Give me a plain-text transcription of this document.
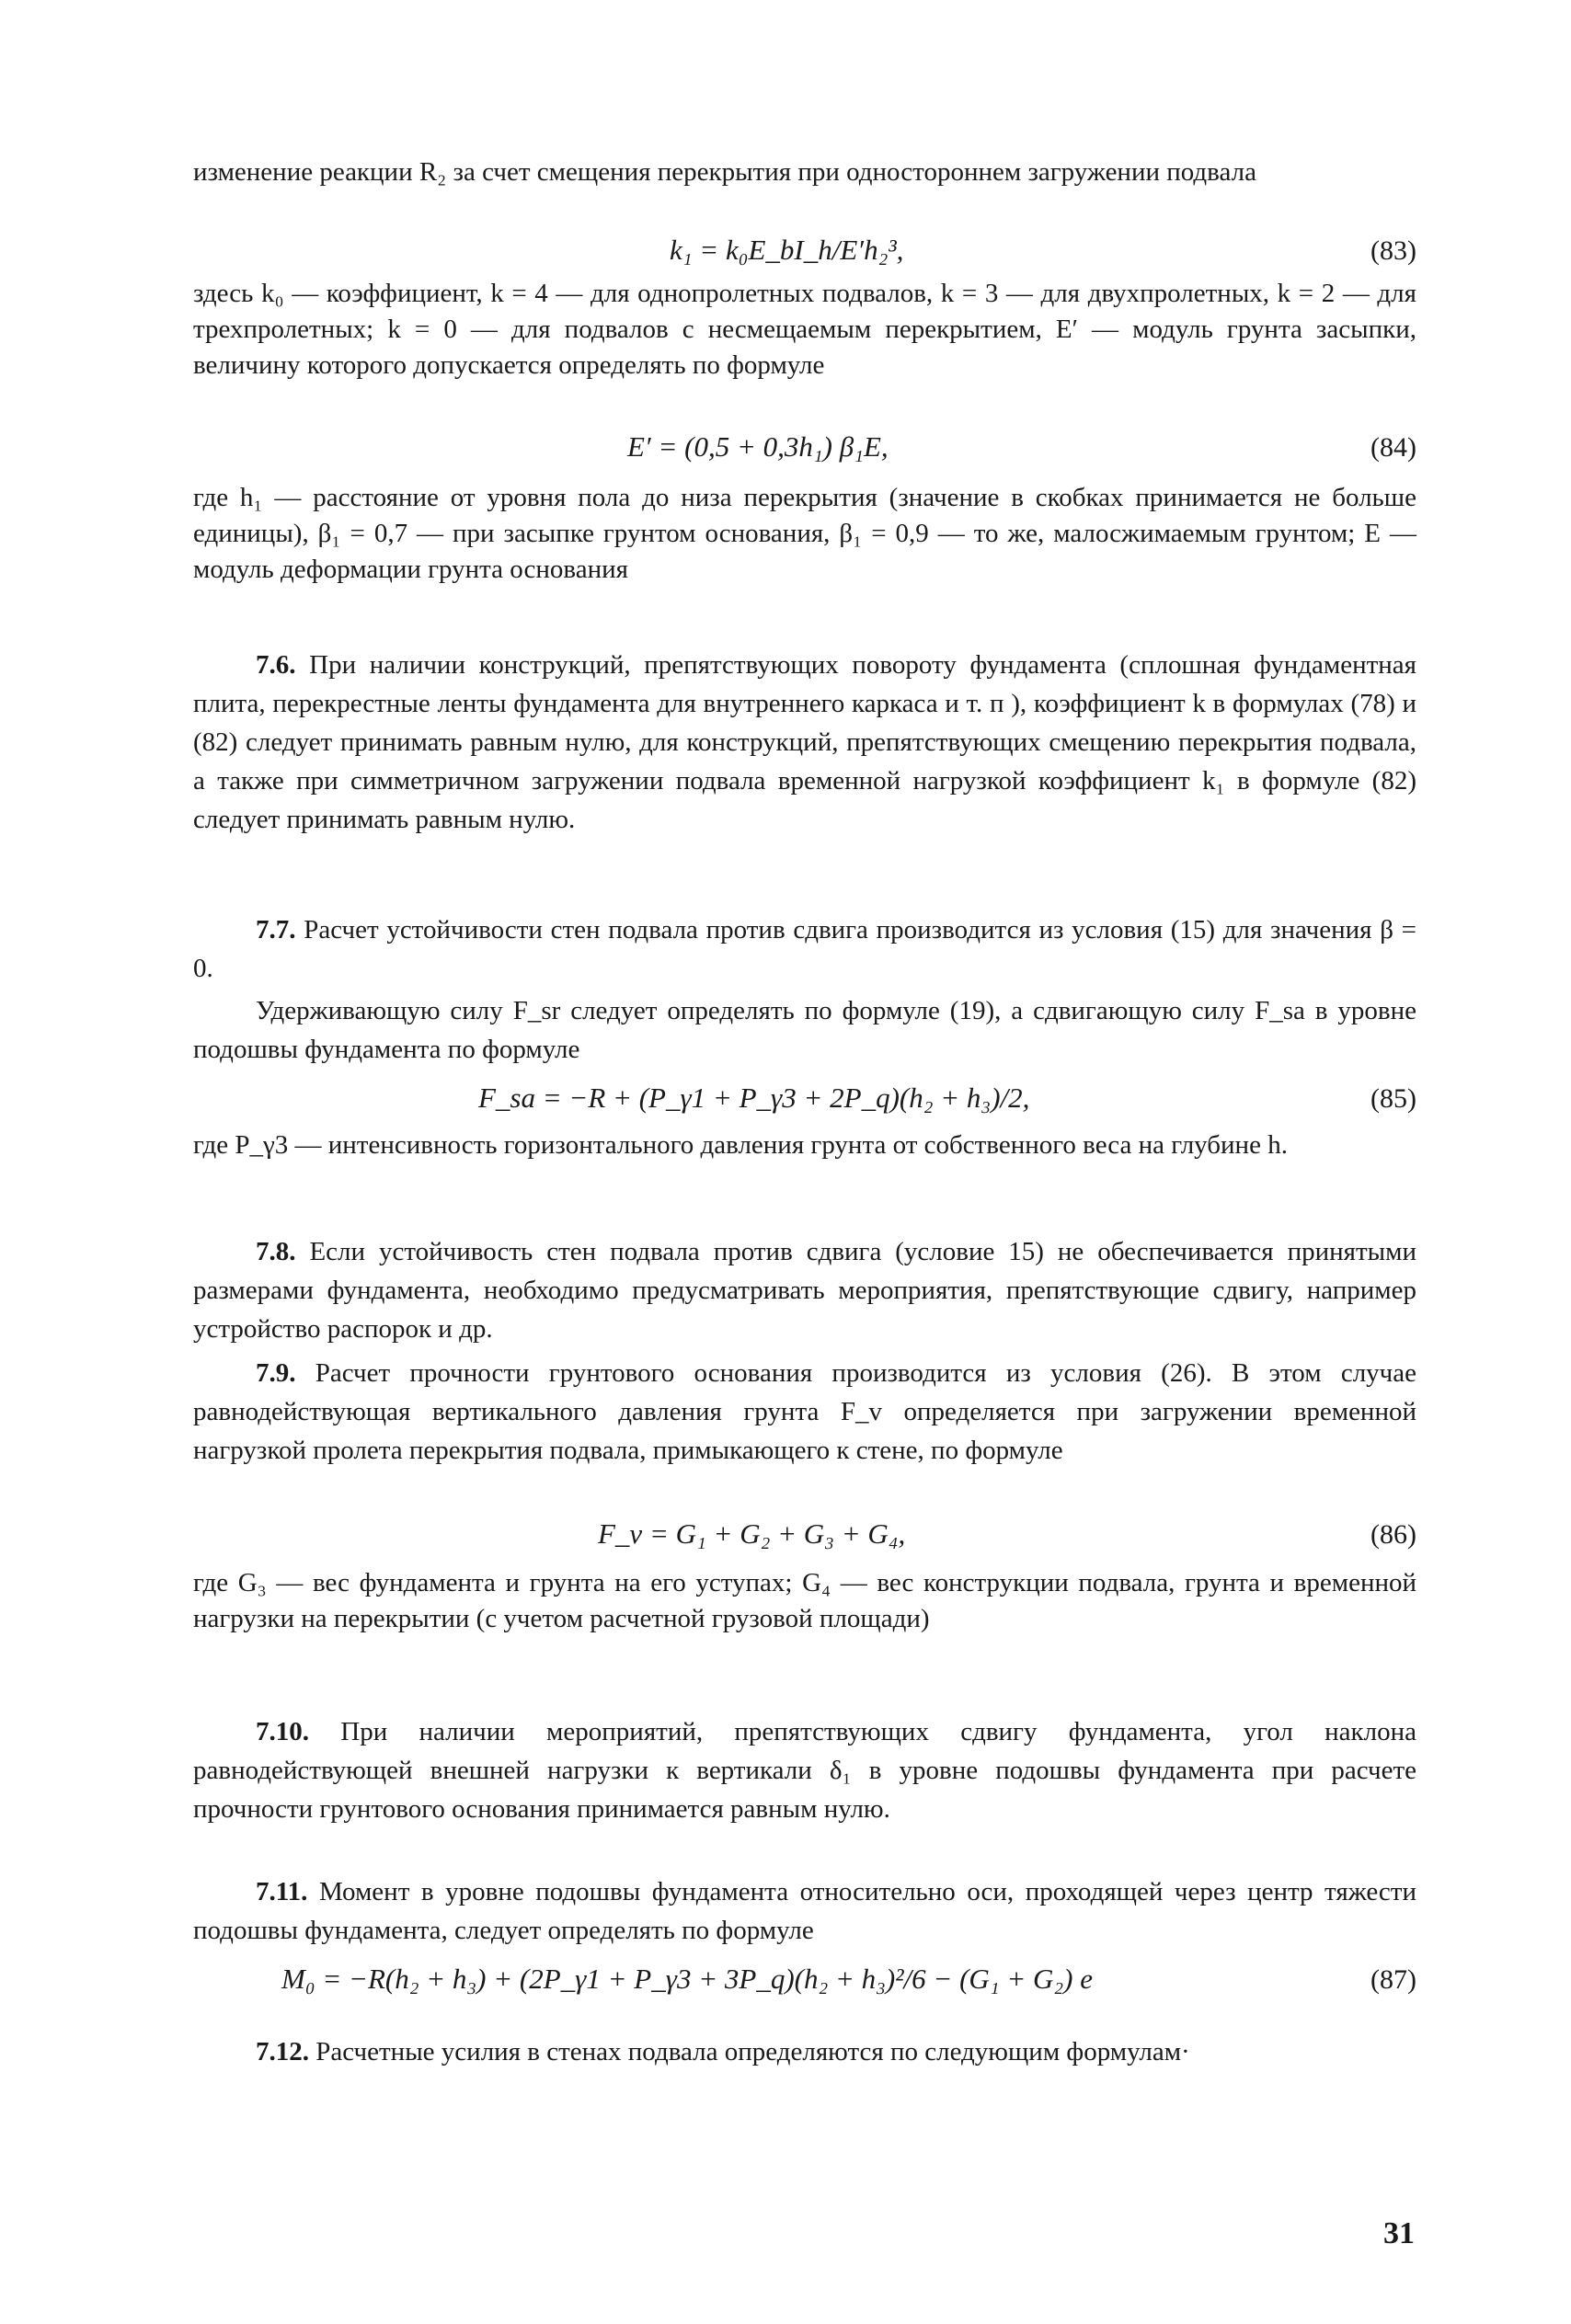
изменение реакции R₂ за счет смещения перекрытия при одностороннем загружении подвала
k₁ = k₀E_bI_h/E′h₂³,	(83)
здесь k₀ — коэффициент, k = 4 — для однопролетных подвалов, k = 3 — для двухпролетных, k = 2 — для трехпролетных; k = 0 — для подвалов с несмещаемым перекрытием, E′ — модуль грунта засыпки, величину которого допускается определять по формуле
E′ = (0,5 + 0,3h₁) β₁E,	(84)
где h₁ — расстояние от уровня пола до низа перекрытия (значение в скобках принимается не больше единицы), β₁ = 0,7 — при засыпке грунтом основания, β₁ = 0,9 — то же, малосжимаемым грунтом; E — модуль деформации грунта основания
7.6. При наличии конструкций, препятствующих повороту фундамента (сплошная фундаментная плита, перекрестные ленты фундамента для внутреннего каркаса и т. п ), коэффициент k в формулах (78) и (82) следует принимать равным нулю, для конструкций, препятствующих смещению перекрытия подвала, а также при симметричном загружении подвала временной нагрузкой коэффициент k₁ в формуле (82) следует принимать равным нулю.
7.7. Расчет устойчивости стен подвала против сдвига производится из условия (15) для значения β = 0.
Удерживающую силу F_sr следует определять по формуле (19), а сдвигающую силу F_sa в уровне подошвы фундамента по формуле
F_sa = −R + (P_γ1 + P_γ3 + 2P_q)(h₂ + h₃)/2,	(85)
где P_γ3 — интенсивность горизонтального давления грунта от собственного веса на глубине h.
7.8. Если устойчивость стен подвала против сдвига (условие 15) не обеспечивается принятыми размерами фундамента, необходимо предусматривать мероприятия, препятствующие сдвигу, например устройство распорок и др.
7.9. Расчет прочности грунтового основания производится из условия (26). В этом случае равнодействующая вертикального давления грунта F_v определяется при загружении временной нагрузкой пролета перекрытия подвала, примыкающего к стене, по формуле
F_v = G₁ + G₂ + G₃ + G₄,	(86)
где G₃ — вес фундамента и грунта на его уступах; G₄ — вес конструкции подвала, грунта и временной нагрузки на перекрытии (с учетом расчетной грузовой площади)
7.10. При наличии мероприятий, препятствующих сдвигу фундамента, угол наклона равнодействующей внешней нагрузки к вертикали δ₁ в уровне подошвы фундамента при расчете прочности грунтового основания принимается равным нулю.
7.11. Момент в уровне подошвы фундамента относительно оси, проходящей через центр тяжести подошвы фундамента, следует определять по формуле
M₀ = −R(h₂ + h₃) + (2P_γ1 + P_γ3 + 3P_q)(h₂ + h₃)²/6 − (G₁ + G₂) e	(87)
7.12. Расчетные усилия в стенах подвала определяются по следующим формулам·
31
